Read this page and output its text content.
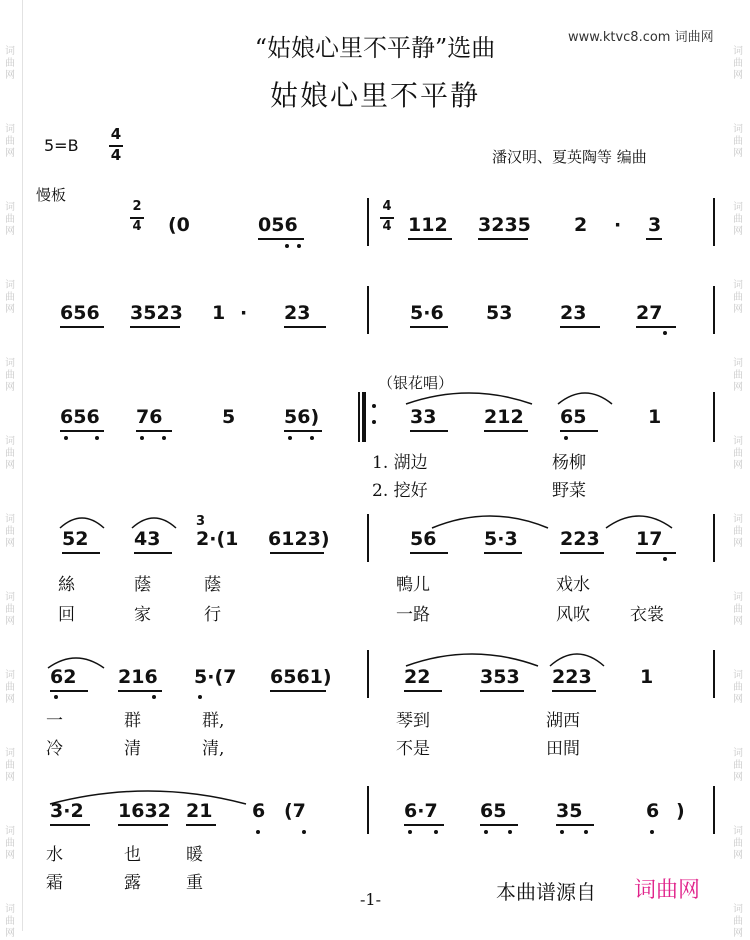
词曲网
词曲网
词曲网
词曲网
词曲网
词曲网
词曲网
词曲网
词曲网
词曲网
词曲网
词曲网
词曲网
词曲网
词曲网
词曲网
词曲网
词曲网
词曲网
词曲网
词曲网
词曲网
词曲网
词曲网
www.ktvc8.com 词曲网
“姑娘心里不平静”选曲
姑娘心里不平静
5=B
4
4	潘汉明、夏英陶等 编曲
慢板
2
4 (0	056
4
4 112 3235 2 · 3
656 3523 1 · 23	5·6 53	23	27
（银花唱）
656 76	5	56)	33	212 65	1
1. 湖边	杨柳
2. 挖好	野菜
52 43
3
2·(1 6123)	56	5·3 223 17
絲	蔭	蔭	鴨儿	戏水
回	家	行	一路	风吹 衣裳
62 216 5·(7 6561)	22	353 223	1
一	群	群,	琴到	湖西
冷	清	清,	不是	田間
3·2 1632 21 6 (7	6·7 65	35	6 )
水	也	暖
霜	露	重
-1-	本曲谱源自 词曲网
